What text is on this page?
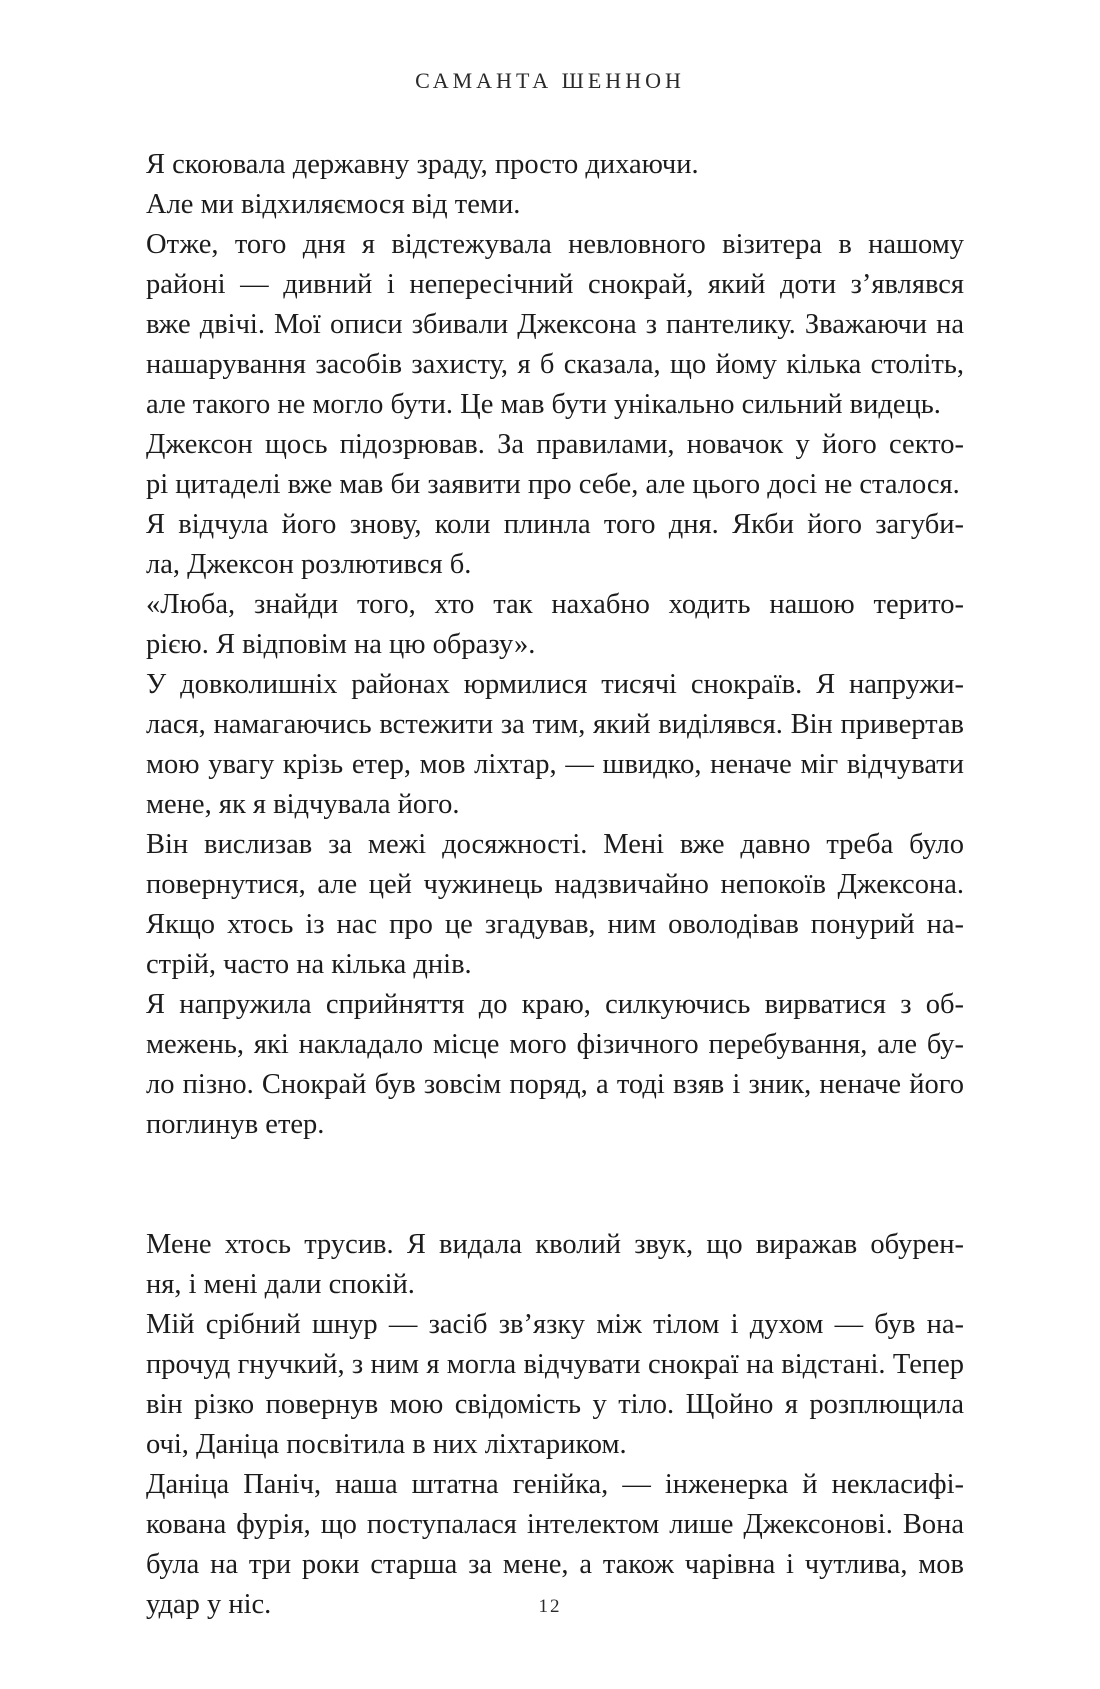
САМАНТА ШЕННОН

Я скоювала державну зраду, просто дихаючи.

Але ми відхиляємося від теми.

Отже, того дня я відстежувала невловного візитера в нашому
районі — дивний і непересічний снокрай, який доти з’являвся
вже двічі. Мої описи збивали Джексона з пантелику. Зважаючи на
нашарування засобів захисту, я б сказала, що йому кілька століть,
але такого не могло бути. Це мав бути унікально сильний видець.

Джексон щось підозрював. За правилами, новачок у його секто-
рі цитаделі вже мав би заявити про себе, але цього досі не сталося.

Я відчула його знову, коли плинла того дня. Якби його загуби-
ла, Джексон розлютився б.

«Люба, знайди того, хто так нахабно ходить нашою терито-
рією. Я відповім на цю образу».

У довколишніх районах юрмилися тисячі снокраїв. Я напружи-
лася, намагаючись встежити за тим, який виділявся. Він привертав
мою увагу крізь етер, мов ліхтар, — швидко, неначе міг відчувати
мене, як я відчувала його.

Він вислизав за межі досяжності. Мені вже давно треба було
повернутися, але цей чужинець надзвичайно непокоїв Джексона.
Якщо хтось із нас про це згадував, ним оволодівав понурий на-
стрій, часто на кілька днів.

Я напружила сприйняття до краю, силкуючись вирватися з об-
межень, які накладало місце мого фізичного перебування, але бу-
ло пізно. Снокрай був зовсім поряд, а тоді взяв і зник, неначе його
поглинув етер.

Мене хтось трусив. Я видала кволий звук, що виражав обурен-
ня, і мені дали спокій.

Мій срібний шнур — засіб зв’язку між тілом і духом — був на-
прочуд гнучкий, з ним я могла відчувати снокраї на відстані. Тепер
він різко повернув мою свідомість у тіло. Щойно я розплющила
очі, Даніца посвітила в них ліхтариком.

Даніца Паніч, наша штатна генійка, — інженерка й некласифі-
кована фурія, що поступалася інтелектом лише Джексонові. Вона
була на три роки старша за мене, а також чарівна і чутлива, мов
удар у ніс.	12
